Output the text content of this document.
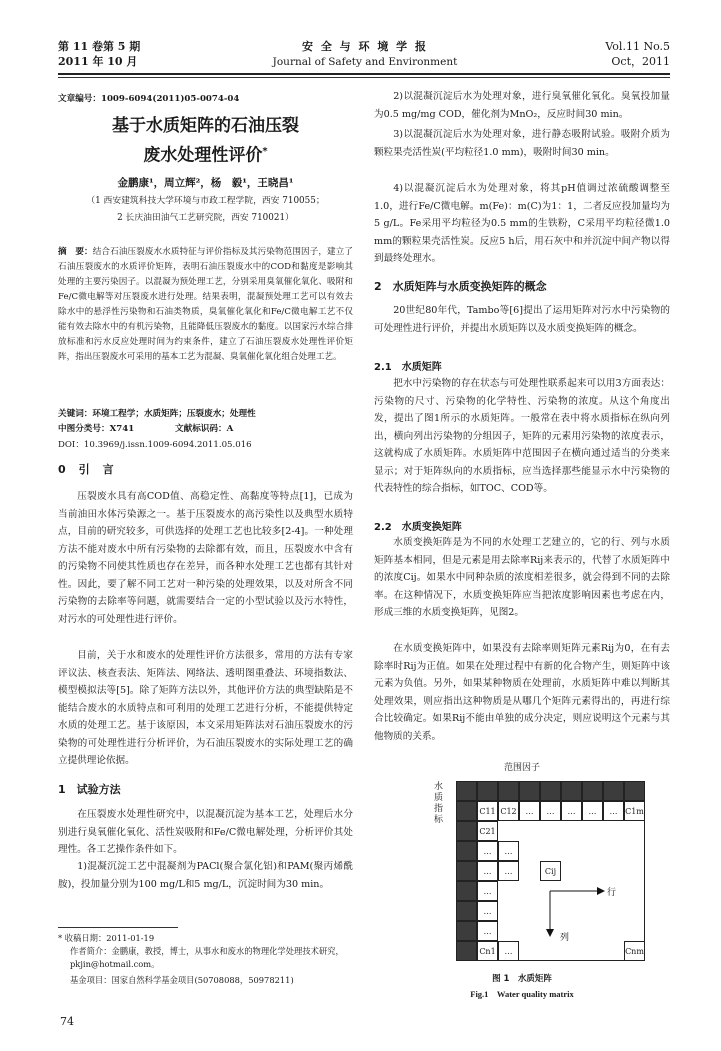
第 11 卷第 5 期
2011 年 10 月
安 全 与 环 境 学 报
Journal of Safety and Environment
Vol.11 No.5
Oct，2011
文章编号：1009-6094(2011)05-0074-04
基于水质矩阵的石油压裂
废水处理性评价*
金鹏康¹，周立辉²，杨　毅¹，王晓昌¹
（1 西安建筑科技大学环境与市政工程学院，西安 710055；
2 长庆油田油气工艺研究院，西安 710021）
摘　要：结合石油压裂废水水质特征与评价指标及其污染物范围因子，建立了石油压裂废水的水质评价矩阵，表明石油压裂废水中的COD和黏度是影响其处理的主要污染因子。以混凝为预处理工艺，分别采用臭氧催化氧化、吸附和Fe/C微电解等对压裂废水进行处理。结果表明，混凝预处理工艺可以有效去除水中的悬浮性污染物和石油类物质，臭氧催化氧化和Fe/C微电解工艺不仅能有效去除水中的有机污染物，且能降低压裂废水的黏度。以国家污水综合排放标准和污水反应处理时间为约束条件，建立了石油压裂废水处理性评价矩阵，指出压裂废水可采用的基本工艺为混凝、臭氧催化氧化组合处理工艺。
关键词：环境工程学；水质矩阵；压裂废水；处理性
中图分类号：X741	文献标识码：A
DOI：10.3969/j.issn.1009-6094.2011.05.016
0　引　言

压裂废水具有高COD值、高稳定性、高黏度等特点[1]，已成为当前油田水体污染源之一。基于压裂废水的高污染性以及典型水质特点，目前的研究较多，可供选择的处理工艺也比较多[2-4]。一种处理方法不能对废水中所有污染物的去除都有效，而且，压裂废水中含有的污染物不同使其性质也存在差异，而各种水处理工艺也都有其针对性。因此，要了解不同工艺对一种污染的处理效果，以及对所含不同污染物的去除率等问题，就需要结合一定的小型试验以及污水特性，对污水的可处理性进行评价。

目前，关于水和废水的处理性评价方法很多，常用的方法有专家评议法、核查表法、矩阵法、网络法、透明图重叠法、环境指数法、模型模拟法等[5]。除了矩阵方法以外，其他评价方法的典型缺陷是不能结合废水的水质特点和可利用的处理工艺进行分析，不能提供特定水质的处理工艺。基于该原因，本文采用矩阵法对石油压裂废水的污染物的可处理性进行分析评价，为石油压裂废水的实际处理工艺的确立提供理论依据。

1　试验方法

在压裂废水处理性研究中，以混凝沉淀为基本工艺，处理后水分别进行臭氧催化氧化、活性炭吸附和Fe/C微电解处理，分析评价其处理性。各工艺操作条件如下。

1)混凝沉淀工艺中混凝剂为PACl(聚合氯化铝)和PAM(聚丙烯酰胺)，投加量分别为100 mg/L和5 mg/L，沉淀时间为30 min。

* 收稿日期：2011-01-19
作者简介：金鹏康，教授，博士，从事水和废水的物理化学处理技术研究，pkjin@hotmail.com。
基金项目：国家自然科学基金项目(50708088，50978211)
74

2)以混凝沉淀后水为处理对象，进行臭氧催化氧化。臭氧投加量为0.5 mg/mg COD，催化剂为MnO₂，反应时间30 min。

3)以混凝沉淀后水为处理对象，进行静态吸附试验。吸附介质为颗粒果壳活性炭(平均粒径1.0 mm)，吸附时间30 min。

4)以混凝沉淀后水为处理对象，将其pH值调过浓硫酸调整至1.0，进行Fe/C微电解。m(Fe)：m(C)为1：1，二者反应投加量均为5 g/L。Fe采用平均粒径为0.5 mm的生铁粉，C采用平均粒径微1.0 mm的颗粒果壳活性炭。反应5 h后，用石灰中和并沉淀中间产物以得到最终处理水。

2　水质矩阵与水质变换矩阵的概念

20世纪80年代，Tambo等[6]提出了运用矩阵对污水中污染物的可处理性进行评价，并提出水质矩阵以及水质变换矩阵的概念。

2.1　水质矩阵

把水中污染物的存在状态与可处理性联系起来可以用3方面表达：污染物的尺寸、污染物的化学特性、污染物的浓度。从这个角度出发，提出了图1所示的水质矩阵。一般常在表中将水质指标在纵向列出，横向列出污染物的分组因子，矩阵的元素用污染物的浓度表示，这就构成了水质矩阵。水质矩阵中范围因子在横向通过适当的分类来显示；对于矩阵纵向的水质指标，应当选择那些能显示水中污染物的代表特性的综合指标，如TOC、COD等。

2.2　水质变换矩阵

水质变换矩阵是为不同的水处理工艺建立的，它的行、列与水质矩阵基本相同，但是元素是用去除率Rij来表示的，代替了水质矩阵中的浓度Cij。如果水中同种杂质的浓度相差很多，就会得到不同的去除率。在这种情况下，水质变换矩阵应当把浓度影响因素也考虑在内，形成三维的水质变换矩阵，见图2。

在水质变换矩阵中，如果没有去除率则矩阵元素Rij为0，在有去除率时Rij为正值。如果在处理过程中有新的化合物产生，则矩阵中该元素为负值。另外，如果某种物质在处理前，水质矩阵中难以判断其处理效果，则应指出这种物质是从哪几个矩阵元素得出的，再进行综合比较确定。如果Rij不能由单独的成分决定，则应说明这个元素与其他物质的关系。

范围因子
水质指标
C11 C12	…	…	…	…	… C1m
C21
…	…
…	…
…
…
…
Cij
Cn1	…	Cnm
行
列
图 1　水质矩阵
Fig.1　Water quality matrix
